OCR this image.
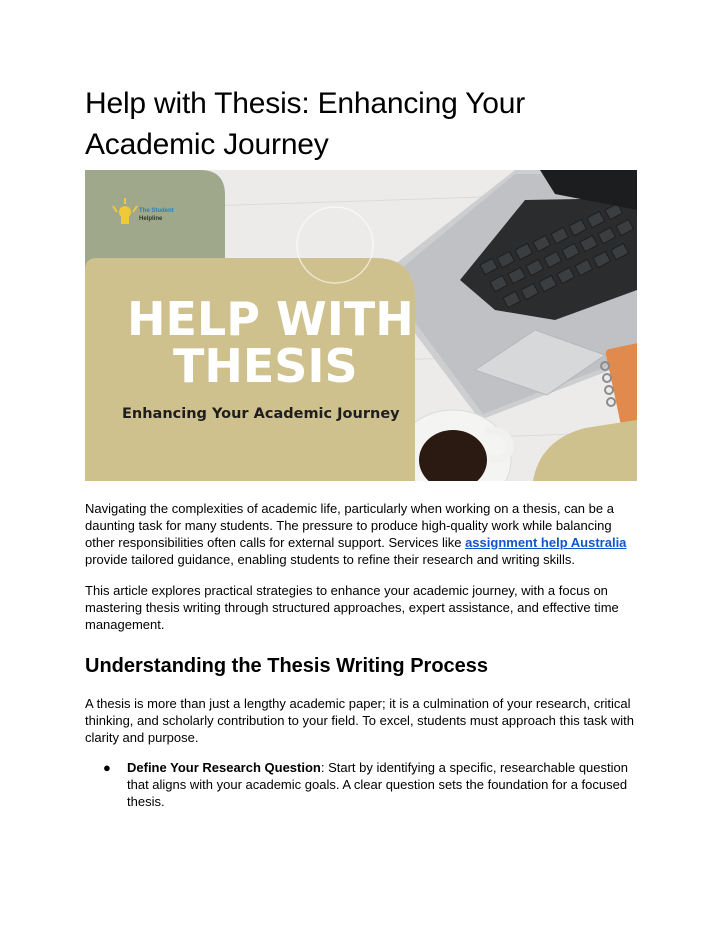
Help with Thesis: Enhancing Your Academic Journey
The Student
Helpline
HELP WITH
THESIS
Enhancing Your Academic Journey

Navigating the complexities of academic life, particularly when working on a thesis, can be a daunting task for many students. The pressure to produce high-quality work while balancing other responsibilities often calls for external support. Services like assignment help Australia provide tailored guidance, enabling students to refine their research and writing skills.

This article explores practical strategies to enhance your academic journey, with a focus on mastering thesis writing through structured approaches, expert assistance, and effective time management.

Understanding the Thesis Writing Process

A thesis is more than just a lengthy academic paper; it is a culmination of your research, critical thinking, and scholarly contribution to your field. To excel, students must approach this task with clarity and purpose.

● Define Your Research Question: Start by identifying a specific, researchable question that aligns with your academic goals. A clear question sets the foundation for a focused thesis.
